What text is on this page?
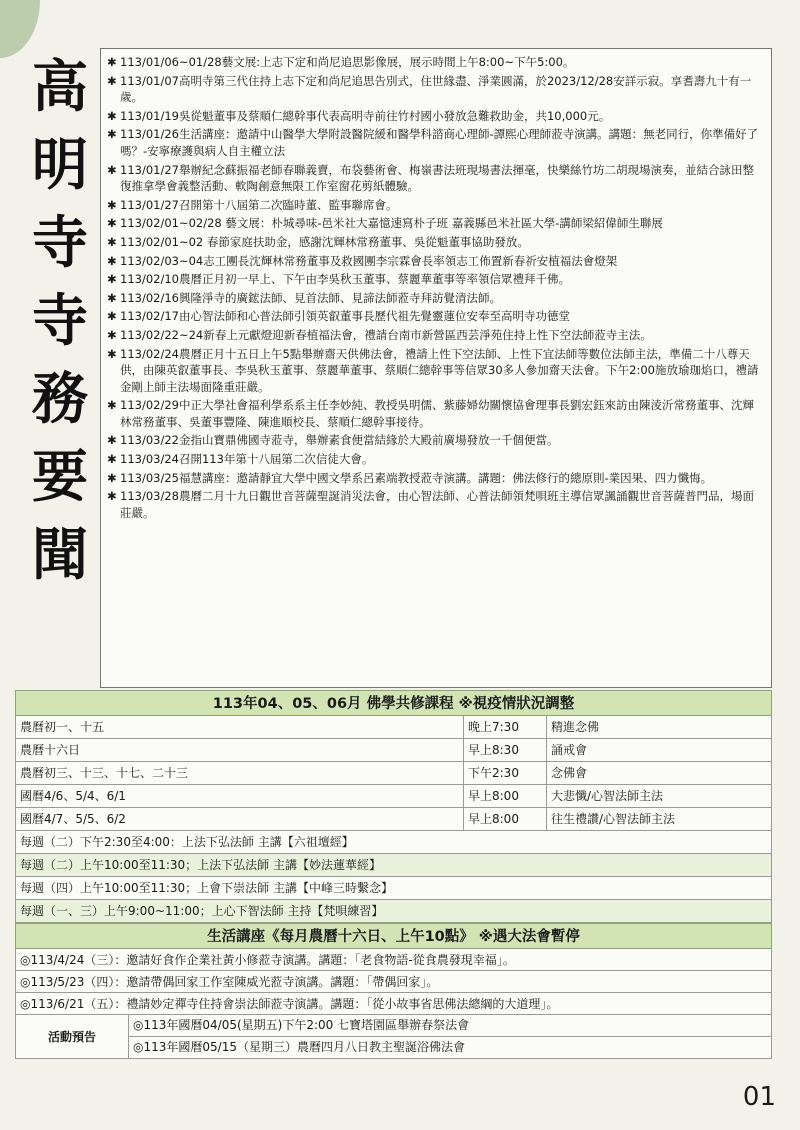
高
明
寺
寺
務
要
聞
✱ 113/01/06~01/28藝文展:上志下定和尚尼追思影像展，展示時間上午8:00~下午5:00。
✱ 113/01/07高明寺第三代住持上志下定和尚尼追思告別式，住世緣盡、淨業圓滿，於2023/12/28安詳示寂。享耆壽九十有一歲。
✱ 113/01/19吳從魁董事及蔡順仁總幹事代表高明寺前往竹村國小發放急難救助金，共10,000元。
✱ 113/01/26生活講座：邀請中山醫學大學附設醫院緩和醫學科諮商心理師-譚熙心理師蒞寺演講。講題：無老同行，你準備好了嗎？-安寧療護與病人自主權立法
✱ 113/01/27舉辦紀念蘇振福老師春聯義賣，布袋藝術會、梅嶺書法班現場書法揮毫，快樂絲竹坊二胡現場演奏，並結合詠田整復推拿學會義整活動、軟陶創意無限工作室窗花剪紙體驗。
✱ 113/01/27召開第十八屆第二次臨時董、監事聯席會。
✱ 113/02/01~02/28 藝文展：朴城尋味-邑米社大嘉憶速寫朴子班 嘉義縣邑米社區大學-講師梁紹偉師生聯展
✱ 113/02/01~02 春節家庭扶助金，感謝沈輝林常務董事、吳從魁董事協助發放。
✱ 113/02/03~04志工團長沈輝林常務董事及救國團李宗霖會長率領志工佈置新春祈安植福法會燈架
✱ 113/02/10農曆正月初一早上、下午由李吳秋玉董事、蔡麗華董事等率領信眾禮拜千佛。
✱ 113/02/16興隆淨寺的廣鋐法師、見首法師、見諦法師蒞寺拜訪覺清法師。
✱ 113/02/17由心智法師和心普法師引領英叡董事長歷代祖先覺靈蓮位安奉至高明寺功德堂
✱ 113/02/22~24新春上元獻燈迎新春植福法會，禮請台南市新營區西芸淨苑住持上性下空法師蒞寺主法。
✱ 113/02/24農曆正月十五日上午5點舉辦齋天供佛法會，禮請上性下空法師、上性下宜法師等數位法師主法，準備二十八尊天供，由陳英叡董事長、李吳秋玉董事、蔡麗華董事、蔡順仁總幹事等信眾30多人參加齋天法會。下午2:00施放瑜珈焰口，禮請金剛上師主法場面隆重莊嚴。
✱ 113/02/29中正大學社會福利學系系主任李妙純、教授吳明儒、紫藤婦幼關懷協會理事長劉宏鈺來訪由陳淩沂常務董事、沈輝林常務董事、吳董事豐隆、陳進順校長、蔡順仁總幹事接待。
✱ 113/03/22金指山寶鼎佛國寺蒞寺，舉辦素食便當結緣於大殿前廣場發放一千個便當。
✱ 113/03/24召開113年第十八屆第二次信徒大會。
✱ 113/03/25福慧講座：邀請靜宜大學中國文學系呂素端教授蒞寺演講。講題：佛法修行的總原則-業因果、四力懺悔。
✱ 113/03/28農曆二月十九日觀世音菩薩聖誕消災法會，由心智法師、心普法師領梵唄班主導信眾諷誦觀世音菩薩普門品，場面莊嚴。
113年04、05、06月 佛學共修課程 ※視疫情狀況調整
農曆初一、十五	晚上7:30	精進念佛
農曆十六日	早上8:30	誦戒會
農曆初三、十三、十七、二十三	下午2:30	念佛會
國曆4/6、5/4、6/1	早上8:00	大悲懺/心智法師主法
國曆4/7、5/5、6/2	早上8:00	往生禮讚/心智法師主法
每週（二）下午2:30至4:00：上法下弘法師 主講【六祖壇經】
每週（二）上午10:00至11:30；上法下弘法師 主講【妙法蓮華經】
每週（四）上午10:00至11:30；上會下崇法師 主講【中峰三時繫念】
每週（一、三）上午9:00~11:00；上心下智法師 主持【梵唄練習】
生活講座《每月農曆十六日、上午10點》 ※遇大法會暫停
◎113/4/24（三）：邀請好食作企業社黃小修蒞寺演講。講題：「老食物語-從食農發現幸福」。
◎113/5/23（四）：邀請帶偶回家工作室陳威光蒞寺演講。講題：「帶偶回家」。
◎113/6/21（五）：禮請妙定禪寺住持會崇法師蒞寺演講。講題：「從小故事省思佛法總綱的大道理」。
活動預告
◎113年國曆04/05(星期五)下午2:00 七寶塔園區舉辦春祭法會
◎113年國曆05/15（星期三）農曆四月八日教主聖誕浴佛法會
01
